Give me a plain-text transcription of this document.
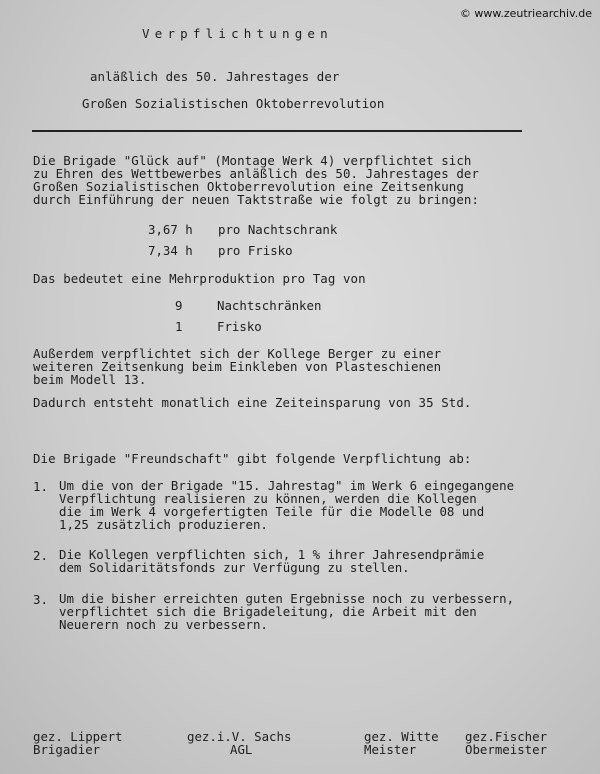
© www.zeutriearchiv.de
Verpflichtungen
anläßlich des 50. Jahrestages der
Großen Sozialistischen Oktoberrevolution
Die Brigade "Glück auf" (Montage Werk 4) verpflichtet sich
zu Ehren des Wettbewerbes anläßlich des 50. Jahrestages der
Großen Sozialistischen Oktoberrevolution eine Zeitsenkung
durch Einführung der neuen Taktstraße wie folgt zu bringen:
3,67 h pro Nachtschrank
7,34 h pro Frisko
Das bedeutet eine Mehrproduktion pro Tag von
9	Nachtschränken
1	Frisko
Außerdem verpflichtet sich der Kollege Berger zu einer
weiteren Zeitsenkung beim Einkleben von Plasteschienen
beim Modell 13.
Dadurch entsteht monatlich eine Zeiteinsparung von 35 Std.
Die Brigade "Freundschaft" gibt folgende Verpflichtung ab:
1. Um die von der Brigade "15. Jahrestag" im Werk 6 eingegangene
Verpflichtung realisieren zu können, werden die Kollegen
die im Werk 4 vorgefertigten Teile für die Modelle 08 und
1,25 zusätzlich produzieren.
2. Die Kollegen verpflichten sich, 1 % ihrer Jahresendprämie
dem Solidaritätsfonds zur Verfügung zu stellen.
3. Um die bisher erreichten guten Ergebnisse noch zu verbessern,
verpflichtet sich die Brigadeleitung, die Arbeit mit den
Neuerern noch zu verbessern.
gez. Lippert
Brigadier
gez.i.V. Sachs
AGL
gez. Witte
Meister
gez.Fischer
Obermeister
